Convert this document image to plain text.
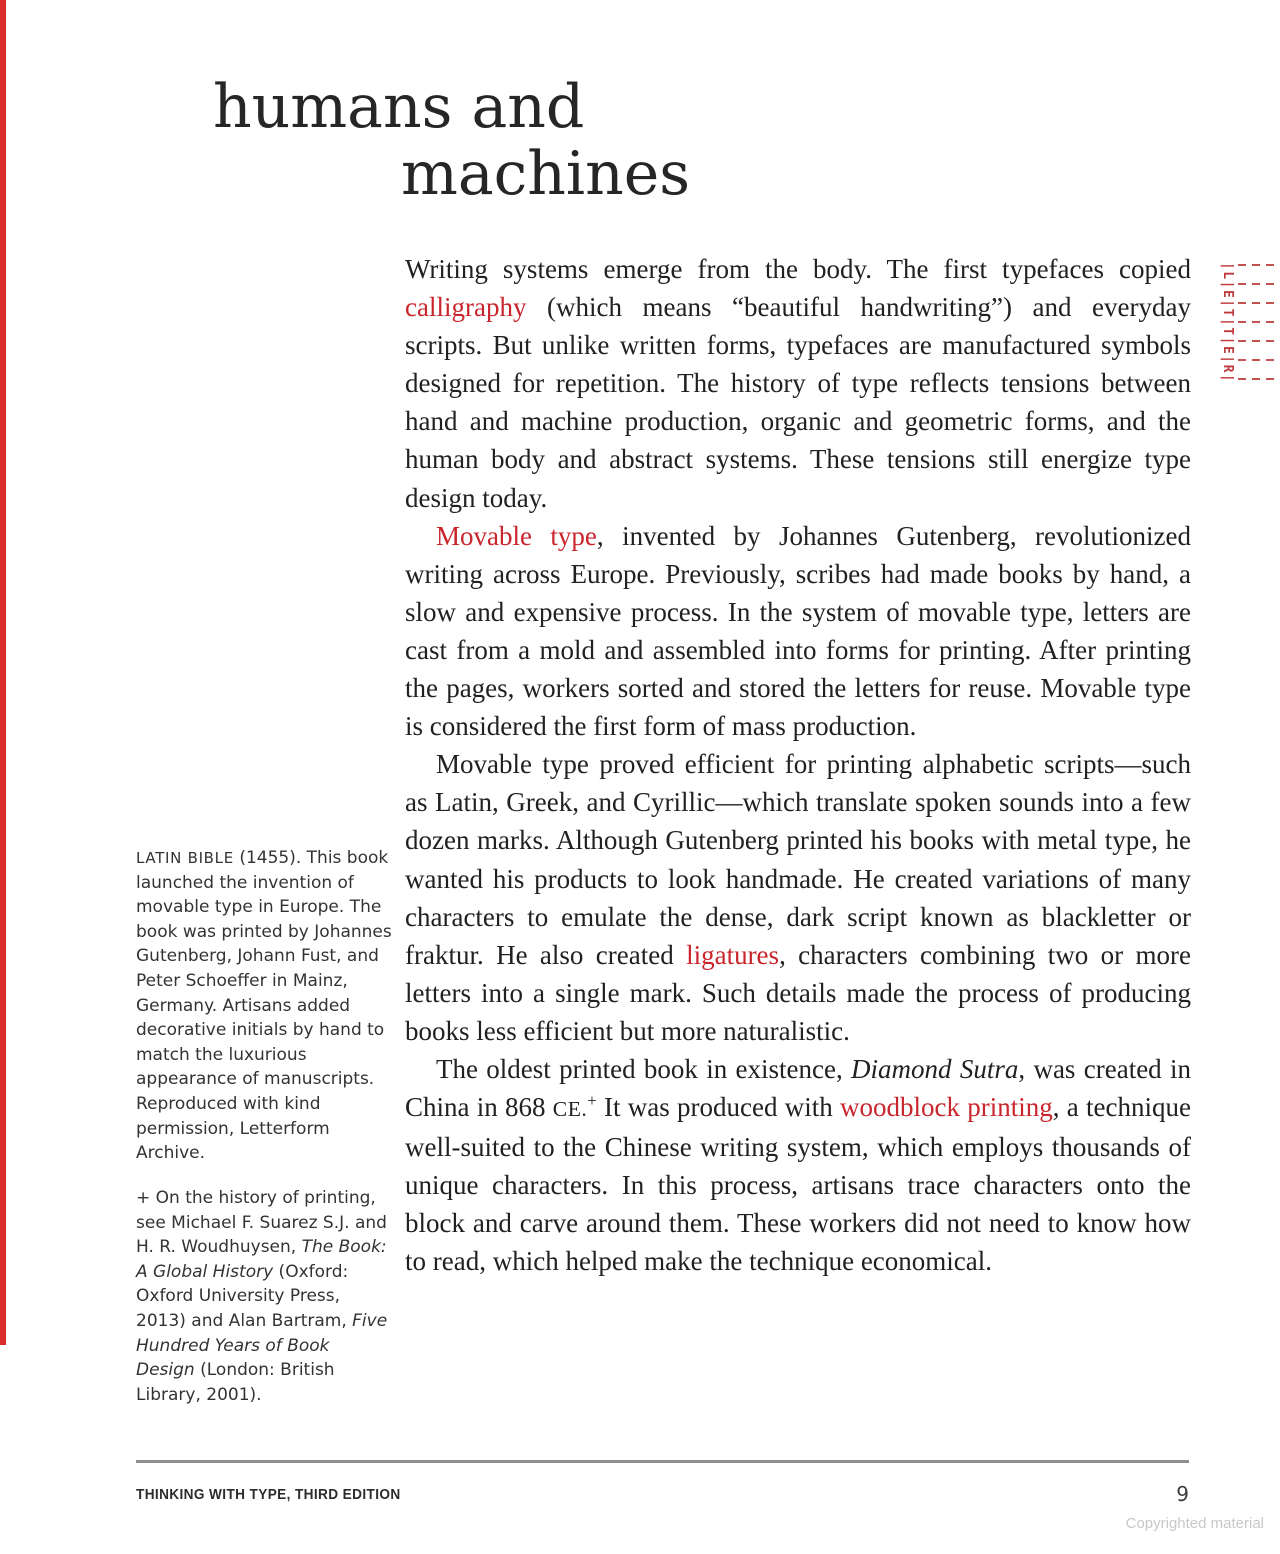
humans and
machines
|L|E|T|T|E|R|

Writing systems emerge from the body. The first typefaces copied calligraphy (which means “beautiful handwriting”) and everyday scripts. But unlike written forms, typefaces are manufactured symbols designed for repetition. The history of type reflects tensions between hand and machine production, organic and geometric forms, and the human body and abstract systems. These tensions still energize type design today.

Movable type, invented by Johannes Gutenberg, revolutionized writing across Europe. Previously, scribes had made books by hand, a slow and expensive process. In the system of movable type, letters are cast from a mold and assembled into forms for printing. After printing the pages, workers sorted and stored the letters for reuse. Movable type is considered the first form of mass production.

Movable type proved efficient for printing alphabetic scripts—such as Latin, Greek, and Cyrillic—which translate spoken sounds into a few dozen marks. Although Gutenberg printed his books with metal type, he wanted his products to look handmade. He created variations of many characters to emulate the dense, dark script known as blackletter or fraktur. He also created ligatures, characters combining two or more letters into a single mark. Such details made the process of producing books less efficient but more naturalistic.

The oldest printed book in existence, Diamond Sutra, was created in China in 868 CE.+ It was produced with woodblock printing, a technique well-suited to the Chinese writing system, which employs thousands of unique characters. In this process, artisans trace characters onto the block and carve around them. These workers did not need to know how to read, which helped make the technique economical.

LATIN BIBLE (1455). This book launched the invention of movable type in Europe. The book was printed by Johannes Gutenberg, Johann Fust, and Peter Schoeffer in Mainz, Germany. Artisans added decorative initials by hand to match the luxurious appearance of manuscripts. Reproduced with kind permission, Letterform Archive.
+ On the history of printing, see Michael F. Suarez S.J. and H. R. Woudhuysen, The Book: A Global History (Oxford: Oxford University Press, 2013) and Alan Bartram, Five Hundred Years of Book Design (London: British Library, 2001).
THINKING WITH TYPE, THIRD EDITION	9
Copyrighted material
